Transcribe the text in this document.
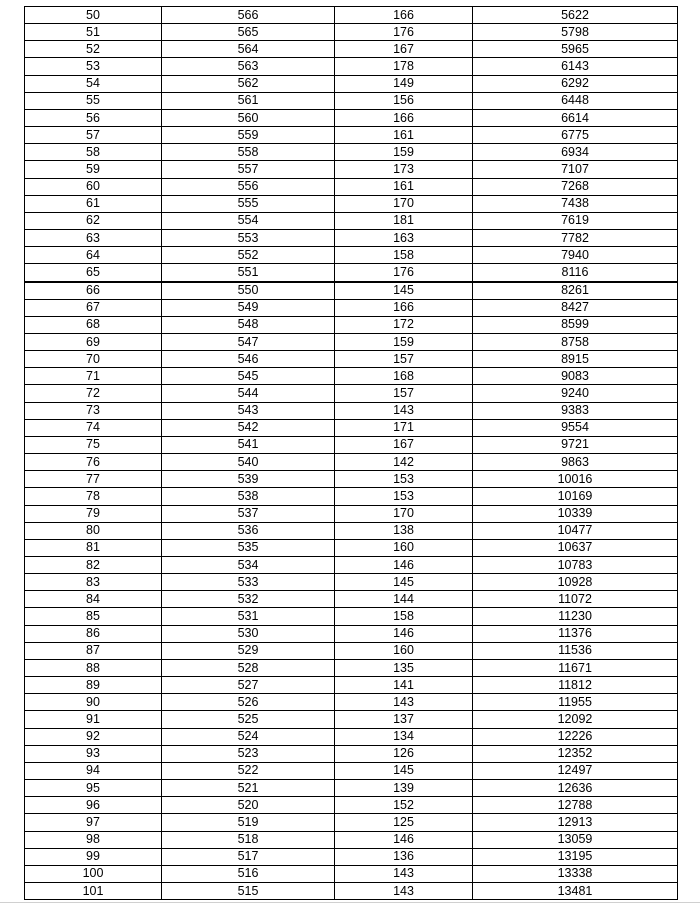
50	566	166	5622
51	565	176	5798
52	564	167	5965
53	563	178	6143
54	562	149	6292
55	561	156	6448
56	560	166	6614
57	559	161	6775
58	558	159	6934
59	557	173	7107
60	556	161	7268
61	555	170	7438
62	554	181	7619
63	553	163	7782
64	552	158	7940
65	551	176	8116
66	550	145	8261
67	549	166	8427
68	548	172	8599
69	547	159	8758
70	546	157	8915
71	545	168	9083
72	544	157	9240
73	543	143	9383
74	542	171	9554
75	541	167	9721
76	540	142	9863
77	539	153	10016
78	538	153	10169
79	537	170	10339
80	536	138	10477
81	535	160	10637
82	534	146	10783
83	533	145	10928
84	532	144	11072
85	531	158	11230
86	530	146	11376
87	529	160	11536
88	528	135	11671
89	527	141	11812
90	526	143	11955
91	525	137	12092
92	524	134	12226
93	523	126	12352
94	522	145	12497
95	521	139	12636
96	520	152	12788
97	519	125	12913
98	518	146	13059
99	517	136	13195
100	516	143	13338
101	515	143	13481
